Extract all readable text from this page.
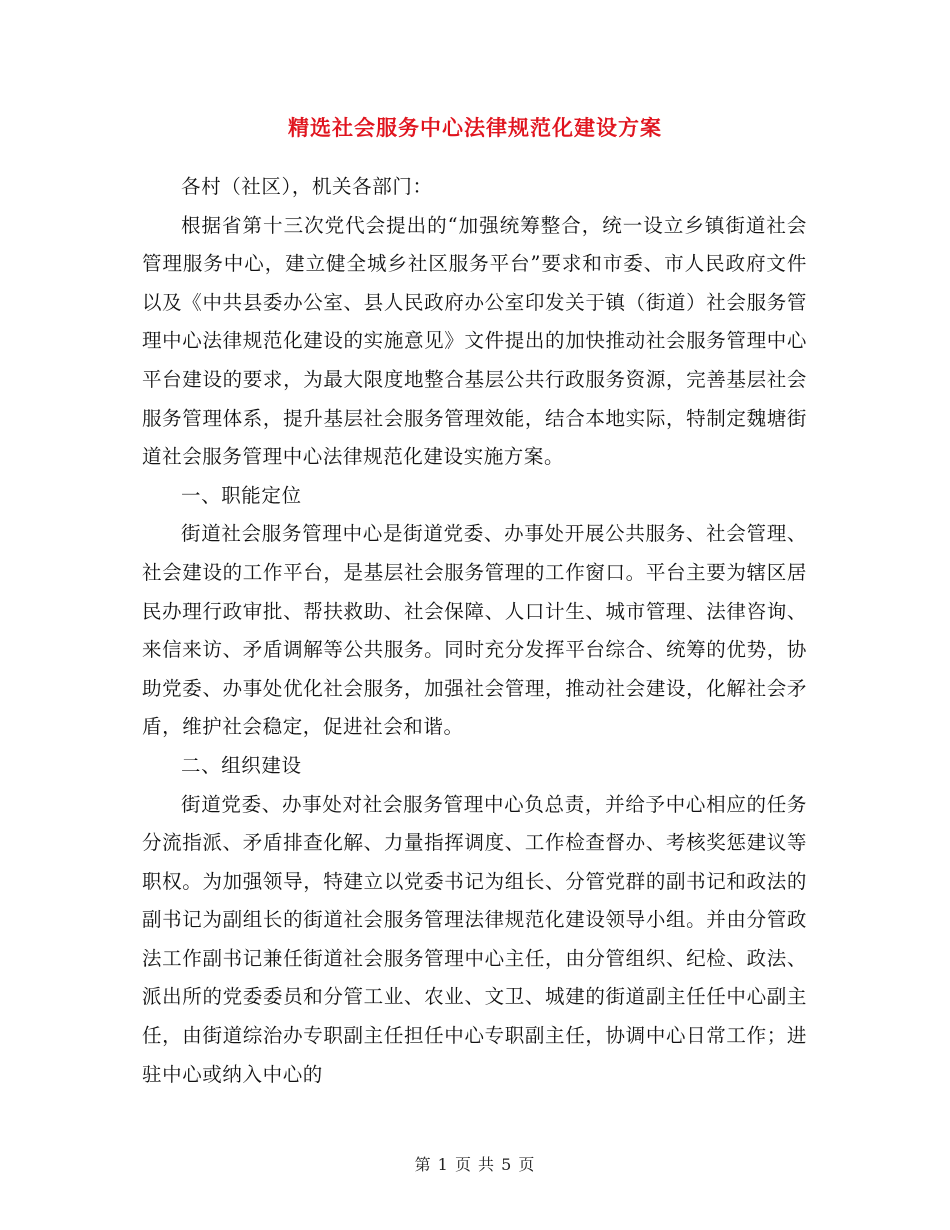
精选社会服务中心法律规范化建设方案

各村（社区），机关各部门：

根据省第十三次党代会提出的“加强统筹整合，统一设立乡镇街道社会管理服务中心，建立健全城乡社区服务平台”要求和市委、市人民政府文件以及《中共县委办公室、县人民政府办公室印发关于镇（街道）社会服务管理中心法律规范化建设的实施意见》文件提出的加快推动社会服务管理中心平台建设的要求，为最大限度地整合基层公共行政服务资源，完善基层社会服务管理体系，提升基层社会服务管理效能，结合本地实际，特制定魏塘街道社会服务管理中心法律规范化建设实施方案。

一、职能定位

街道社会服务管理中心是街道党委、办事处开展公共服务、社会管理、社会建设的工作平台，是基层社会服务管理的工作窗口。平台主要为辖区居民办理行政审批、帮扶救助、社会保障、人口计生、城市管理、法律咨询、来信来访、矛盾调解等公共服务。同时充分发挥平台综合、统筹的优势，协助党委、办事处优化社会服务，加强社会管理，推动社会建设，化解社会矛盾，维护社会稳定，促进社会和谐。

二、组织建设

街道党委、办事处对社会服务管理中心负总责，并给予中心相应的任务分流指派、矛盾排查化解、力量指挥调度、工作检查督办、考核奖惩建议等职权。为加强领导，特建立以党委书记为组长、分管党群的副书记和政法的副书记为副组长的街道社会服务管理法律规范化建设领导小组。并由分管政法工作副书记兼任街道社会服务管理中心主任，由分管组织、纪检、政法、派出所的党委委员和分管工业、农业、文卫、城建的街道副主任任中心副主任，由街道综治办专职副主任担任中心专职副主任，协调中心日常工作；进驻中心或纳入中心的

第 1 页 共 5 页
